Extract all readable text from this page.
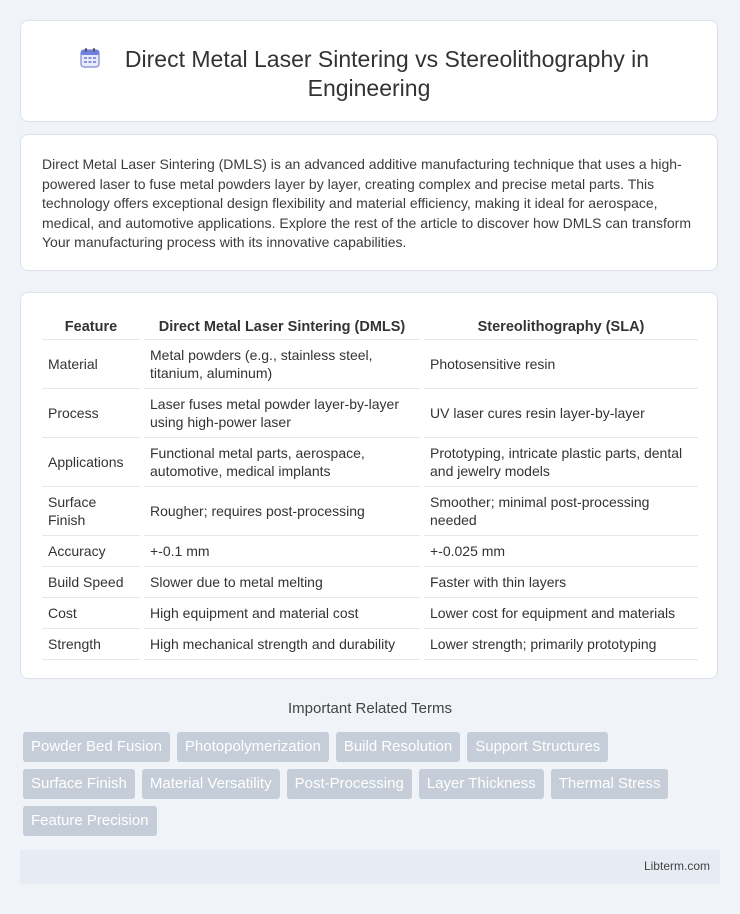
Direct Metal Laser Sintering vs Stereolithography in
Engineering
Direct Metal Laser Sintering (DMLS) is an advanced additive manufacturing technique that uses a high-powered laser to fuse metal powders layer by layer, creating complex and precise metal parts. This technology offers exceptional design flexibility and material efficiency, making it ideal for aerospace, medical, and automotive applications. Explore the rest of the article to discover how DMLS can transform Your manufacturing process with its innovative capabilities.
Feature	Direct Metal Laser Sintering (DMLS)	Stereolithography (SLA)
Material	Metal powders (e.g., stainless steel, titanium, aluminum)	Photosensitive resin
Process	Laser fuses metal powder layer-by-layer using high-power laser	UV laser cures resin layer-by-layer
Applications	Functional metal parts, aerospace, automotive, medical implants	Prototyping, intricate plastic parts, dental and jewelry models
Surface Finish	Rougher; requires post-processing	Smoother; minimal post-processing needed
Accuracy	+-0.1 mm	+-0.025 mm
Build Speed	Slower due to metal melting	Faster with thin layers
Cost	High equipment and material cost	Lower cost for equipment and materials
Strength	High mechanical strength and durability	Lower strength; primarily prototyping
Important Related Terms
Powder Bed Fusion	Photopolymerization	Build Resolution	Support Structures
Surface Finish	Material Versatility	Post-Processing	Layer Thickness	Thermal Stress
Feature Precision
Libterm.com
